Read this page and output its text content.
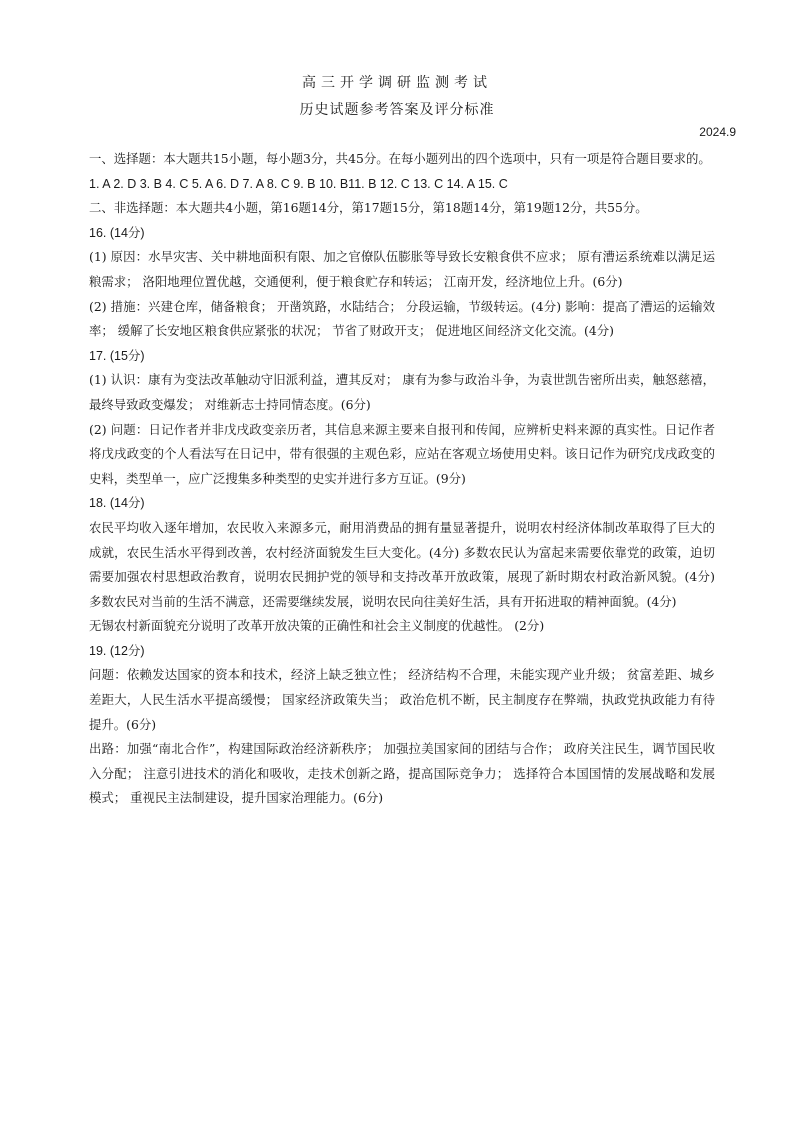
高三开学调研监测考试
历史试题参考答案及评分标准
2024.9

一、选择题：本大题共15小题，每小题3分，共45分。在每小题列出的四个选项中，只有一项是符合题目要求的。

1. A 2. D 3. B 4. C 5. A 6. D 7. A 8. C 9. B 10. B11. B 12. C 13. C 14. A 15. C

二、非选择题：本大题共4小题，第16题14分，第17题15分，第18题14分，第19题12分，共55分。

16. (14分)

(1) 原因：水旱灾害、关中耕地面积有限、加之官僚队伍膨胀等导致长安粮食供不应求； 原有漕运系统难以满足运粮需求； 洛阳地理位置优越，交通便利，便于粮食贮存和转运； 江南开发，经济地位上升。(6分)

(2) 措施：兴建仓库，储备粮食； 开凿筑路，水陆结合； 分段运输，节级转运。(4分) 影响：提高了漕运的运输效率； 缓解了长安地区粮食供应紧张的状况； 节省了财政开支； 促进地区间经济文化交流。(4分)

17. (15分)

(1) 认识：康有为变法改革触动守旧派利益，遭其反对； 康有为参与政治斗争，为袁世凯告密所出卖，触怒慈禧，最终导致政变爆发； 对维新志士持同情态度。(6分)

(2) 问题：日记作者并非戊戌政变亲历者，其信息来源主要来自报刊和传闻，应辨析史料来源的真实性。日记作者将戊戌政变的个人看法写在日记中，带有很强的主观色彩，应站在客观立场使用史料。该日记作为研究戊戌政变的史料，类型单一，应广泛搜集多种类型的史实并进行多方互证。(9分)

18. (14分)

农民平均收入逐年增加，农民收入来源多元，耐用消费品的拥有量显著提升，说明农村经济体制改革取得了巨大的成就，农民生活水平得到改善，农村经济面貌发生巨大变化。(4分) 多数农民认为富起来需要依靠党的政策，迫切需要加强农村思想政治教育，说明农民拥护党的领导和支持改革开放政策，展现了新时期农村政治新风貌。(4分) 多数农民对当前的生活不满意，还需要继续发展，说明农民向往美好生活，具有开拓进取的精神面貌。(4分)

无锡农村新面貌充分说明了改革开放决策的正确性和社会主义制度的优越性。 (2分)

19. (12分)

问题：依赖发达国家的资本和技术，经济上缺乏独立性； 经济结构不合理，未能实现产业升级； 贫富差距、城乡差距大，人民生活水平提高缓慢； 国家经济政策失当； 政治危机不断，民主制度存在弊端，执政党执政能力有待提升。(6分)

出路：加强“南北合作”，构建国际政治经济新秩序； 加强拉美国家间的团结与合作； 政府关注民生，调节国民收入分配； 注意引进技术的消化和吸收，走技术创新之路，提高国际竞争力； 选择符合本国国情的发展战略和发展模式； 重视民主法制建设，提升国家治理能力。(6分)
